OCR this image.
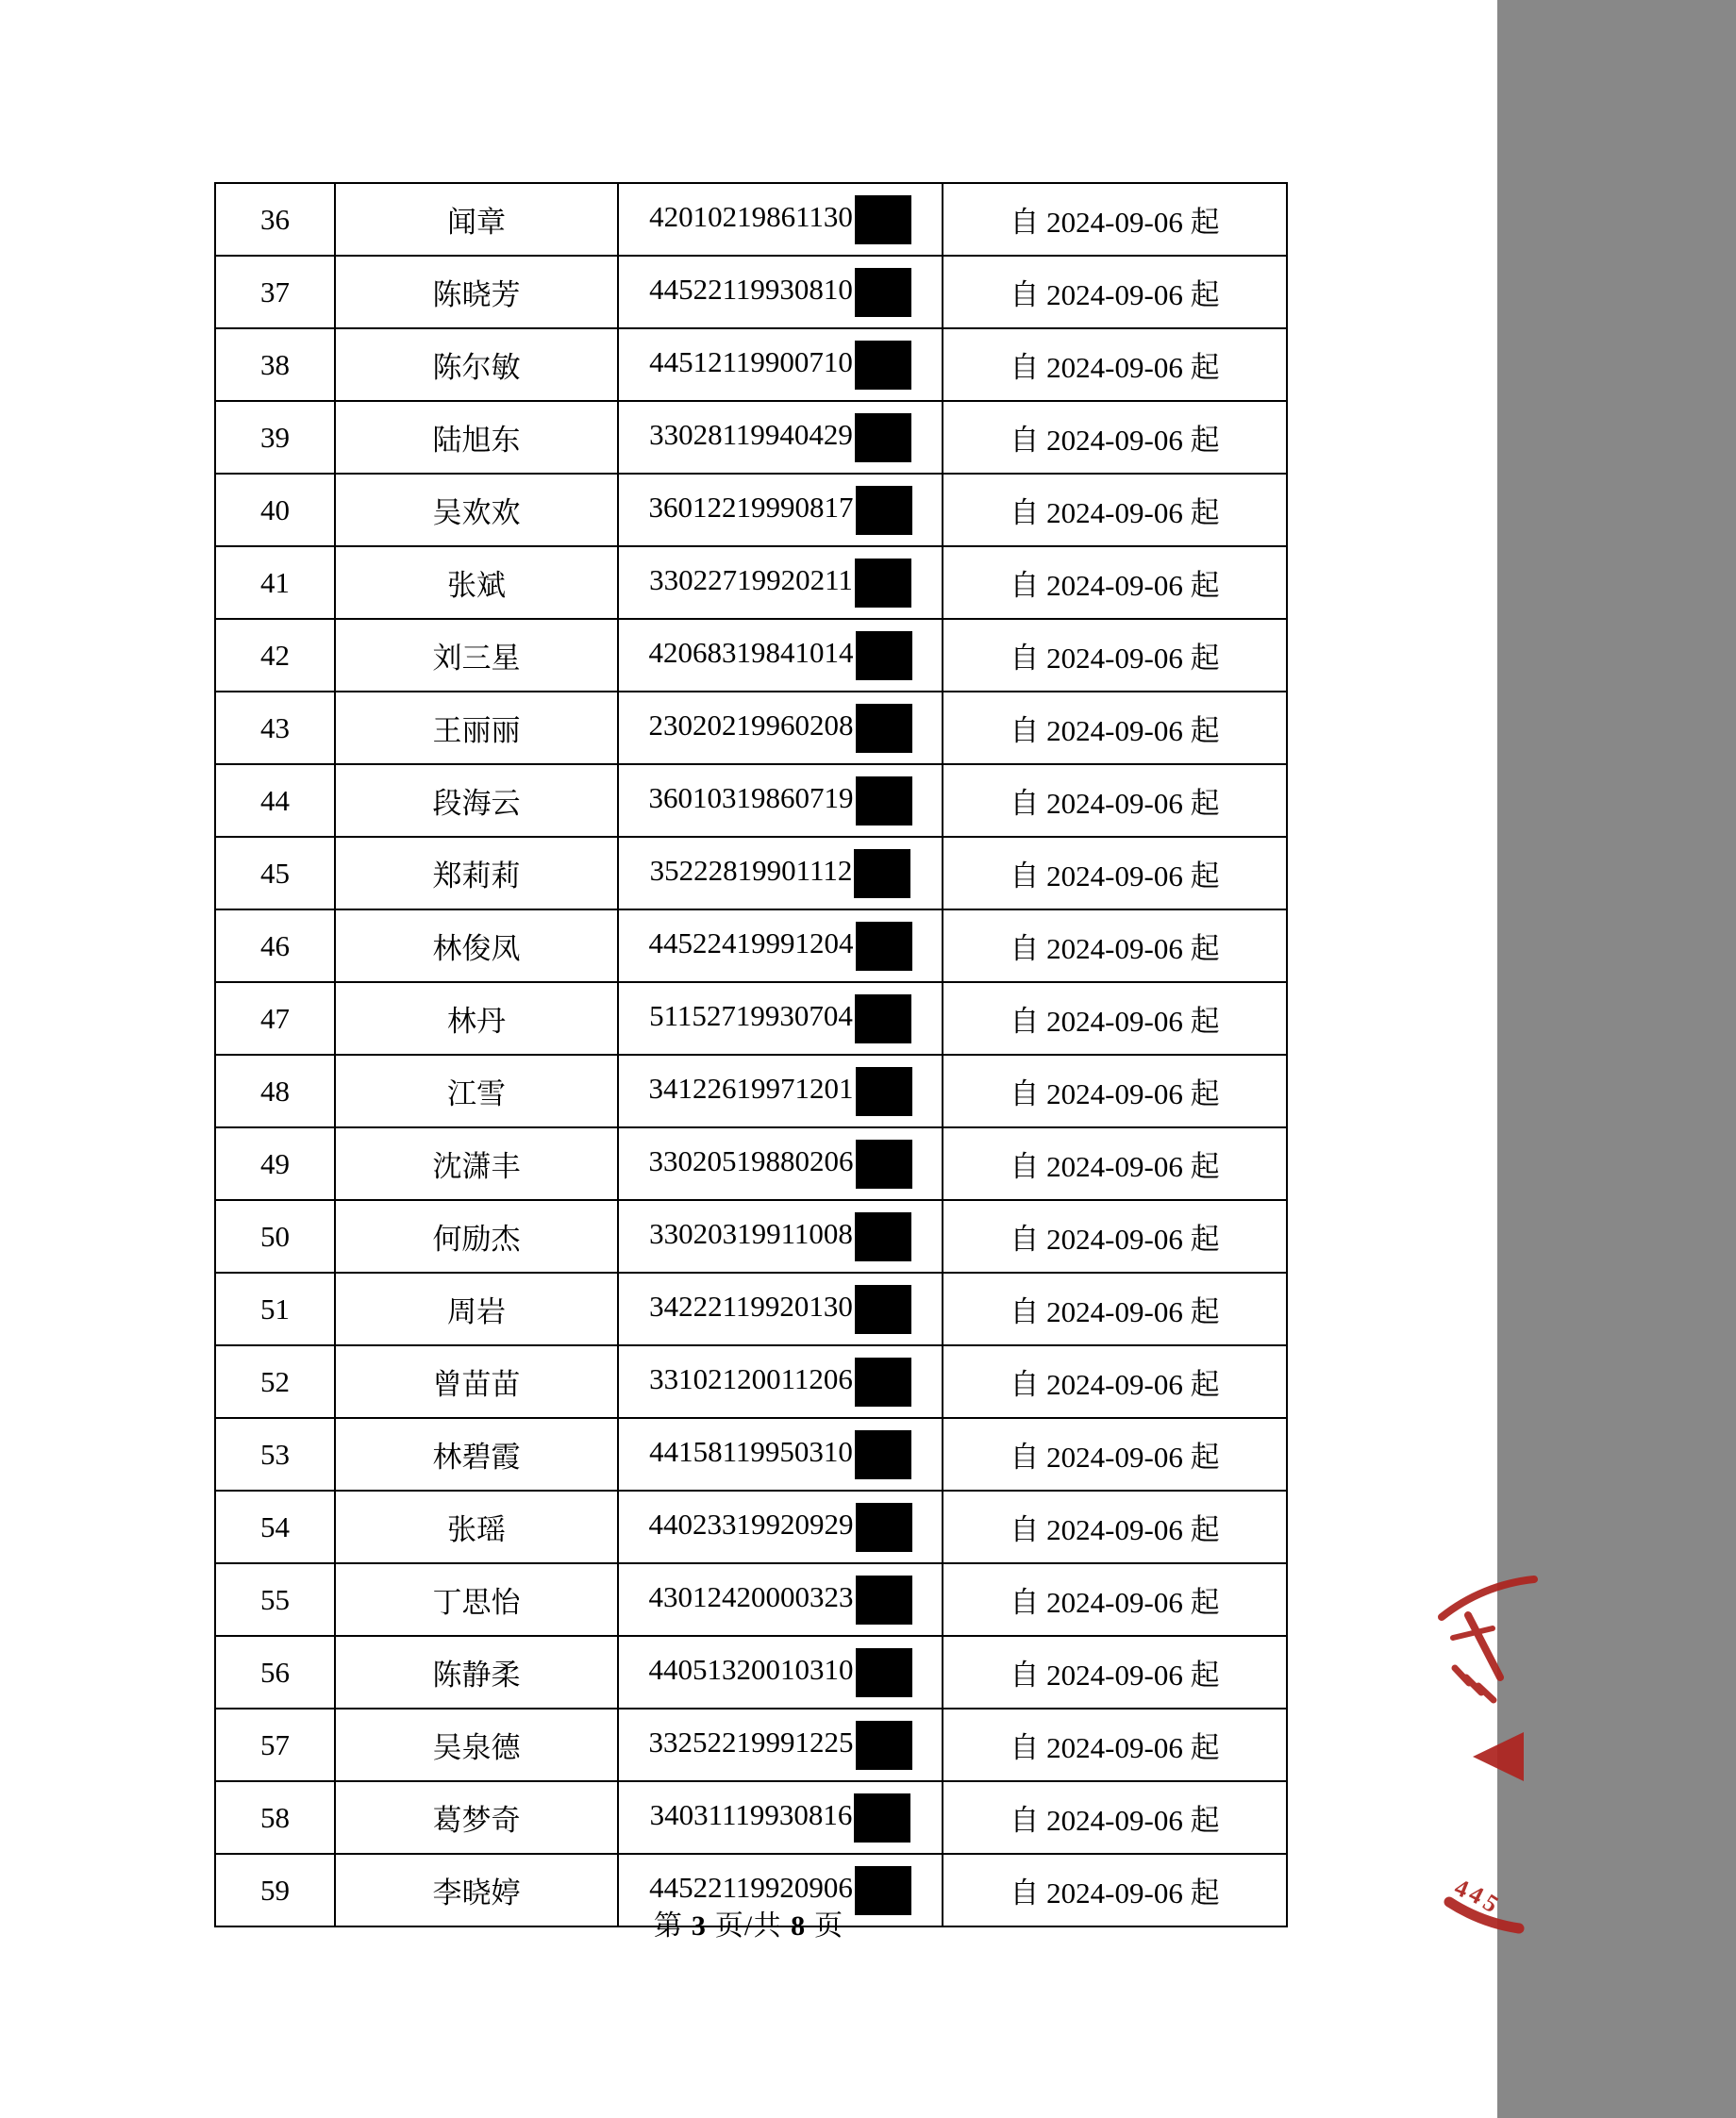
36	闻章	42010219861130	自 2024-09-06 起
37	陈晓芳	44522119930810	自 2024-09-06 起
38	陈尔敏	44512119900710	自 2024-09-06 起
39	陆旭东	33028119940429	自 2024-09-06 起
40	吴欢欢	36012219990817	自 2024-09-06 起
41	张斌	33022719920211	自 2024-09-06 起
42	刘三星	42068319841014	自 2024-09-06 起
43	王丽丽	23020219960208	自 2024-09-06 起
44	段海云	36010319860719	自 2024-09-06 起
45	郑莉莉	35222819901112	自 2024-09-06 起
46	林俊凤	44522419991204	自 2024-09-06 起
47	林丹	51152719930704	自 2024-09-06 起
48	江雪	34122619971201	自 2024-09-06 起
49	沈潇丰	33020519880206	自 2024-09-06 起
50	何励杰	33020319911008	自 2024-09-06 起
51	周岩	34222119920130	自 2024-09-06 起
52	曾苗苗	33102120011206	自 2024-09-06 起
53	林碧霞	44158119950310	自 2024-09-06 起
54	张瑶	44023319920929	自 2024-09-06 起
55	丁思怡	43012420000323	自 2024-09-06 起
56	陈静柔	44051320010310	自 2024-09-06 起
57	吴泉德	33252219991225	自 2024-09-06 起
58	葛梦奇	34031119930816	自 2024-09-06 起
59	李晓婷	44522119920906	自 2024-09-06 起
第 3 页/共 8 页
4
4
5
